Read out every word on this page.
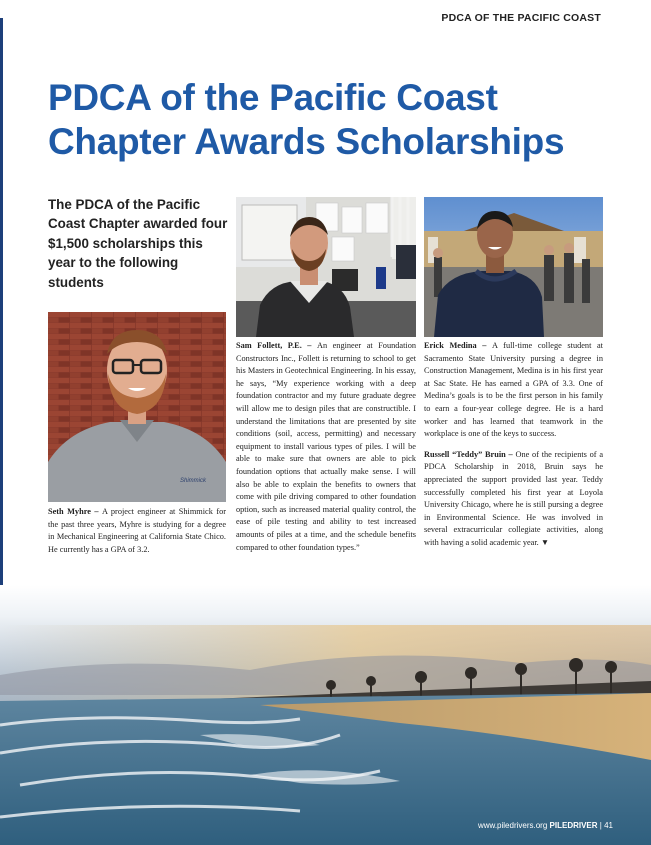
PDCA OF THE PACIFIC COAST
PDCA of the Pacific Coast
Chapter Awards Scholarships

The PDCA of the Pacific Coast Chapter awarded four $1,500 scholarships this year to the following students

Shimmick

Seth Myhre – A project engineer at Shimmick for the past three years, Myhre is studying for a degree in Mechanical Engineering at California State Chico. He currently has a GPA of 3.2.

Sam Follett, P.E. – An engineer at Foundation Constructors Inc., Follett is returning to school to get his Masters in Geotechnical Engineering. In his essay, he says, “My experience working with a deep foundation contractor and my future graduate degree will allow me to design piles that are constructible. I understand the limitations that are presented by site conditions (soil, access, permitting) and necessary equipment to install various types of piles. I will be able to make sure that owners are able to pick foundation options that actually make sense. I will also be able to explain the benefits to owners that come with pile driving compared to other foundation option, such as increased material quality control, the ease of pile testing and ability to test increased amounts of piles at a time, and the schedule benefits compared to other foundation types.”

Erick Medina – A full-time college student at Sacramento State University pursing a degree in Construction Management, Medina is in his first year at Sac State. He has earned a GPA of 3.3. One of Medina’s goals is to be the first person in his family to earn a four-year college degree. He is a hard worker and has learned that teamwork in the workplace is one of the keys to success.

Russell “Teddy” Bruin – One of the recipients of a PDCA Scholarship in 2018, Bruin says he appreciated the support provided last year. Teddy successfully completed his first year at Loyola University Chicago, where he is still pursing a degree in Environmental Science. He was involved in several extracurricular collegiate activities, along with having a solid academic year. ▼

www.piledrivers.org PILEDRIVER | 41
